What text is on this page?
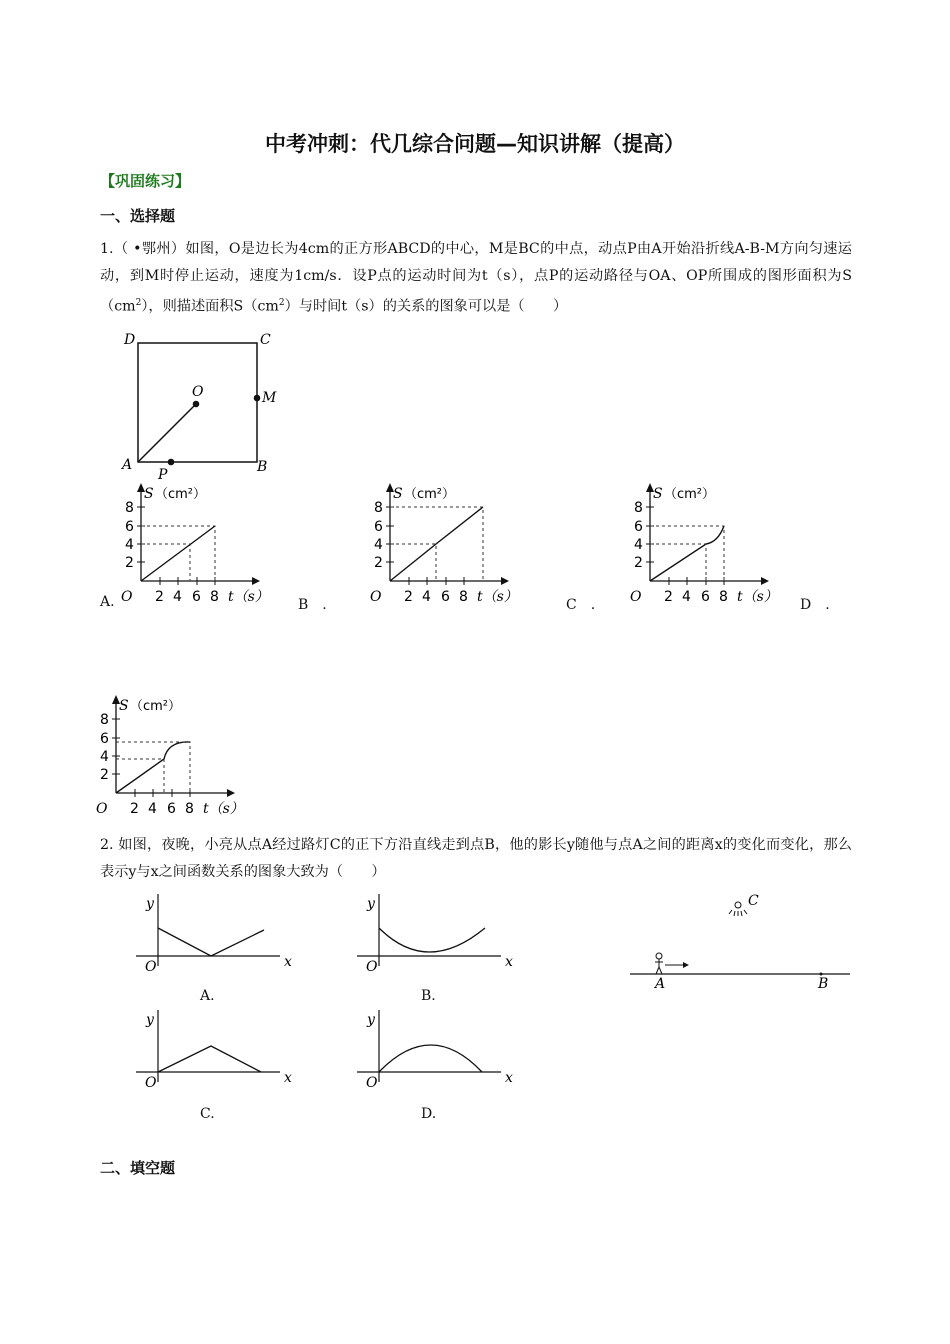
中考冲刺：代几综合问题—知识讲解（提高）
【巩固练习】
一、选择题
1.（ •鄂州）如图，O是边长为4cm的正方形ABCD的中心，M是BC的中点，动点P由A开始沿折线A-B-M方向匀速运动，到M时停止运动，速度为1cm/s．设P点的运动时间为t（s），点P的运动路径与OA、OP所围成的图形面积为$S(cm^2)$，则描述面积$S(cm^2)$与时间t（s）的关系的图象可以是（　　）
D	C
O	M
A	B
P
S （cm²）
8
6
4
2
O 2 4 6 8 t（s）
S （cm²）
8
6
4
2
O 2 4 6 8 t（s）
S （cm²）
8
6
4
2
O 2 4 6 8 t（s）
A.	B　.	C　.	D　.
S （cm²）
8
6
4
2
O 2 4 6 8 t（s）
2. 如图，夜晚，小亮从点A经过路灯C的正下方沿直线走到点B，他的影长y随他与点A之间的距离x的变化而变化，那么表示y与x之间函数关系的图象大致为（　　）
y
x
O
y
x
O
A.	B.
y
x
O
y
x
O
C.	D.
C
A	B
二、填空题
